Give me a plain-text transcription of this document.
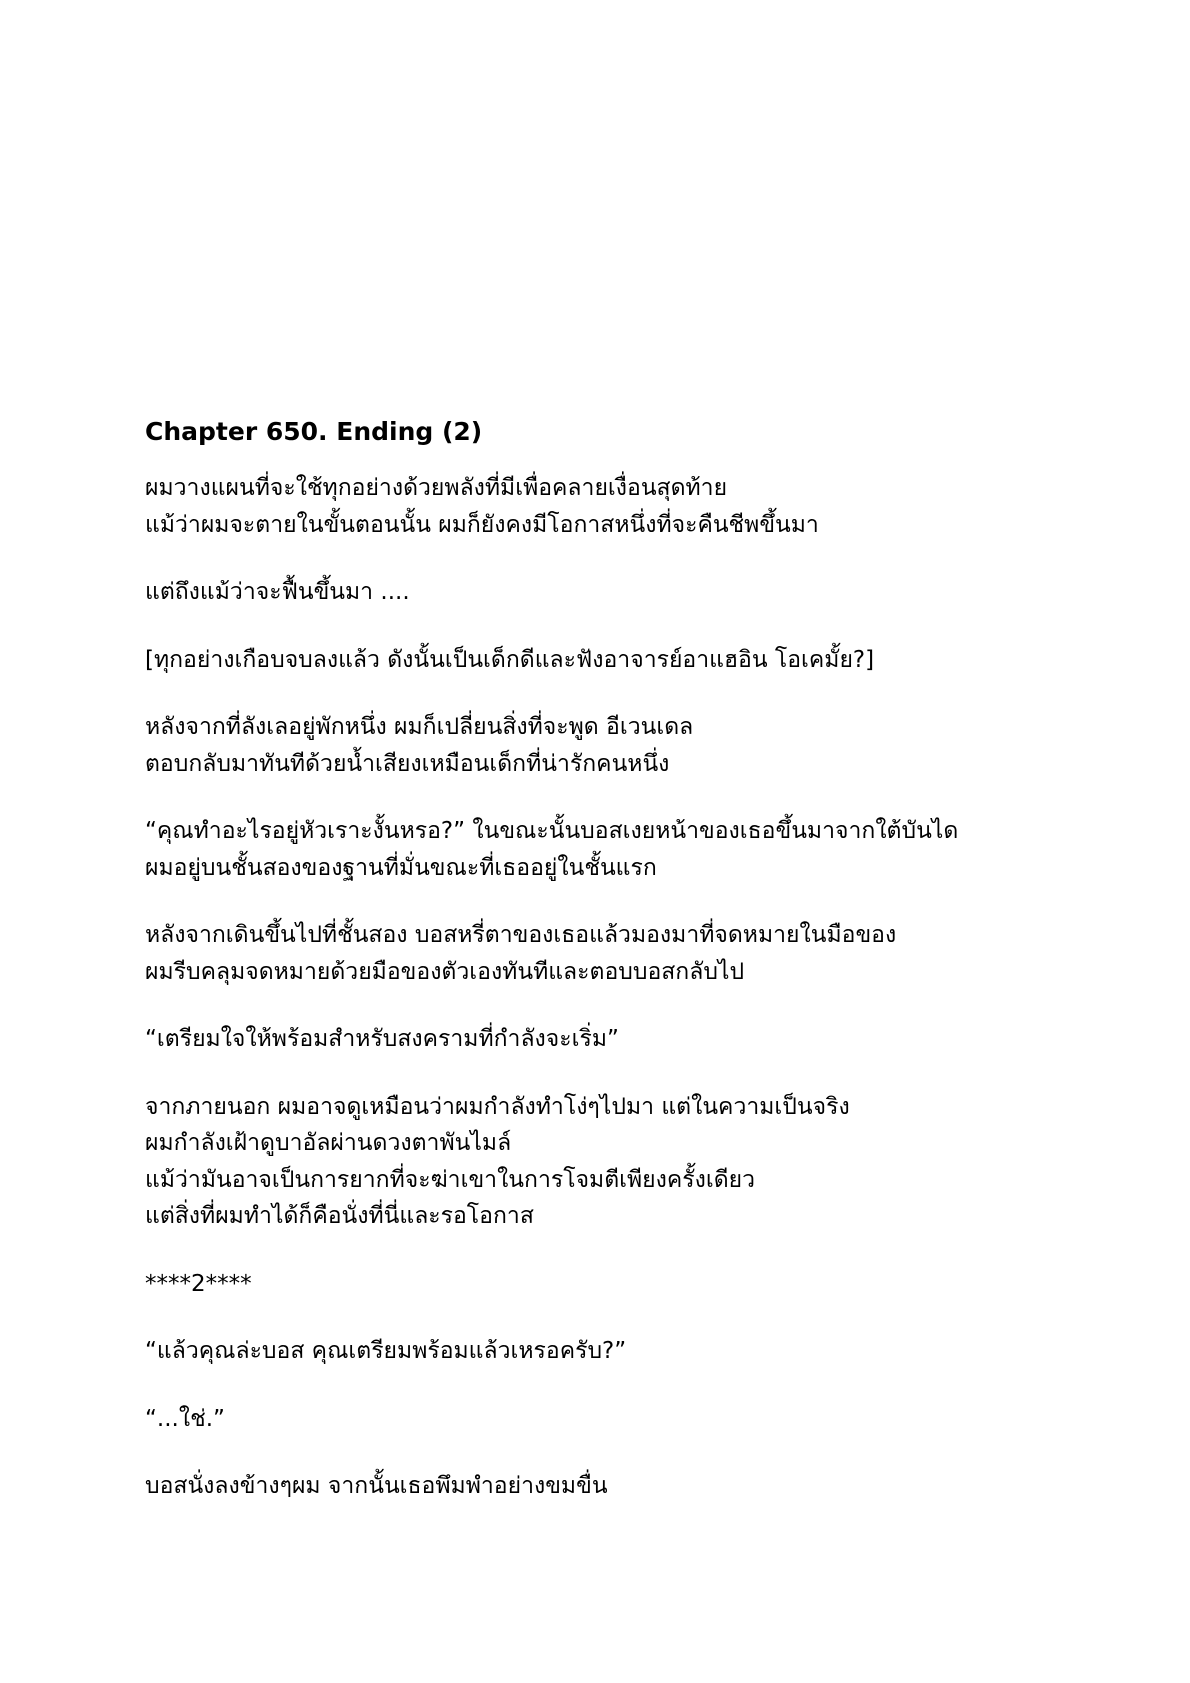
Chapter 650. Ending (2)

ผมวางแผนที่จะใช้ทุกอย่างด้วยพลังที่มีเพื่อคลายเงื่อนสุดท้าย
แม้ว่าผมจะตายในขั้นตอนนั้น ผมก็ยังคงมีโอกาสหนึ่งที่จะคืนชีพขึ้นมา

แต่ถึงแม้ว่าจะฟื้นขึ้นมา ....

[ทุกอย่างเกือบจบลงแล้ว ดังนั้นเป็นเด็กดีและฟังอาจารย์อาแฮอิน โอเคมั้ย?]

หลังจากที่ลังเลอยู่พักหนึ่ง ผมก็เปลี่ยนสิ่งที่จะพูด อีเวนเดล
ตอบกลับมาทันทีด้วยน้ำเสียงเหมือนเด็กที่น่ารักคนหนึ่ง

“คุณทำอะไรอยู่หัวเราะงั้นหรอ?” ในขณะนั้นบอสเงยหน้าของเธอขึ้นมาจากใต้บันได
ผมอยู่บนชั้นสองของฐานที่มั่นขณะที่เธออยู่ในชั้นแรก

หลังจากเดินขึ้นไปที่ชั้นสอง บอสหรี่ตาของเธอแล้วมองมาที่จดหมายในมือของ
ผมรีบคลุมจดหมายด้วยมือของตัวเองทันทีและตอบบอสกลับไป

“เตรียมใจให้พร้อมสำหรับสงครามที่กำลังจะเริ่ม”

จากภายนอก ผมอาจดูเหมือนว่าผมกำลังทำโง่ๆไปมา แต่ในความเป็นจริง
ผมกำลังเฝ้าดูบาอัลผ่านดวงตาพันไมล์
แม้ว่ามันอาจเป็นการยากที่จะฆ่าเขาในการโจมตีเพียงครั้งเดียว
แต่สิ่งที่ผมทำได้ก็คือนั่งที่นี่และรอโอกาส

****2****

“แล้วคุณล่ะบอส คุณเตรียมพร้อมแล้วเหรอครับ?”

“...ใช่.”

บอสนั่งลงข้างๆผม จากนั้นเธอพึมพำอย่างขมขื่น
